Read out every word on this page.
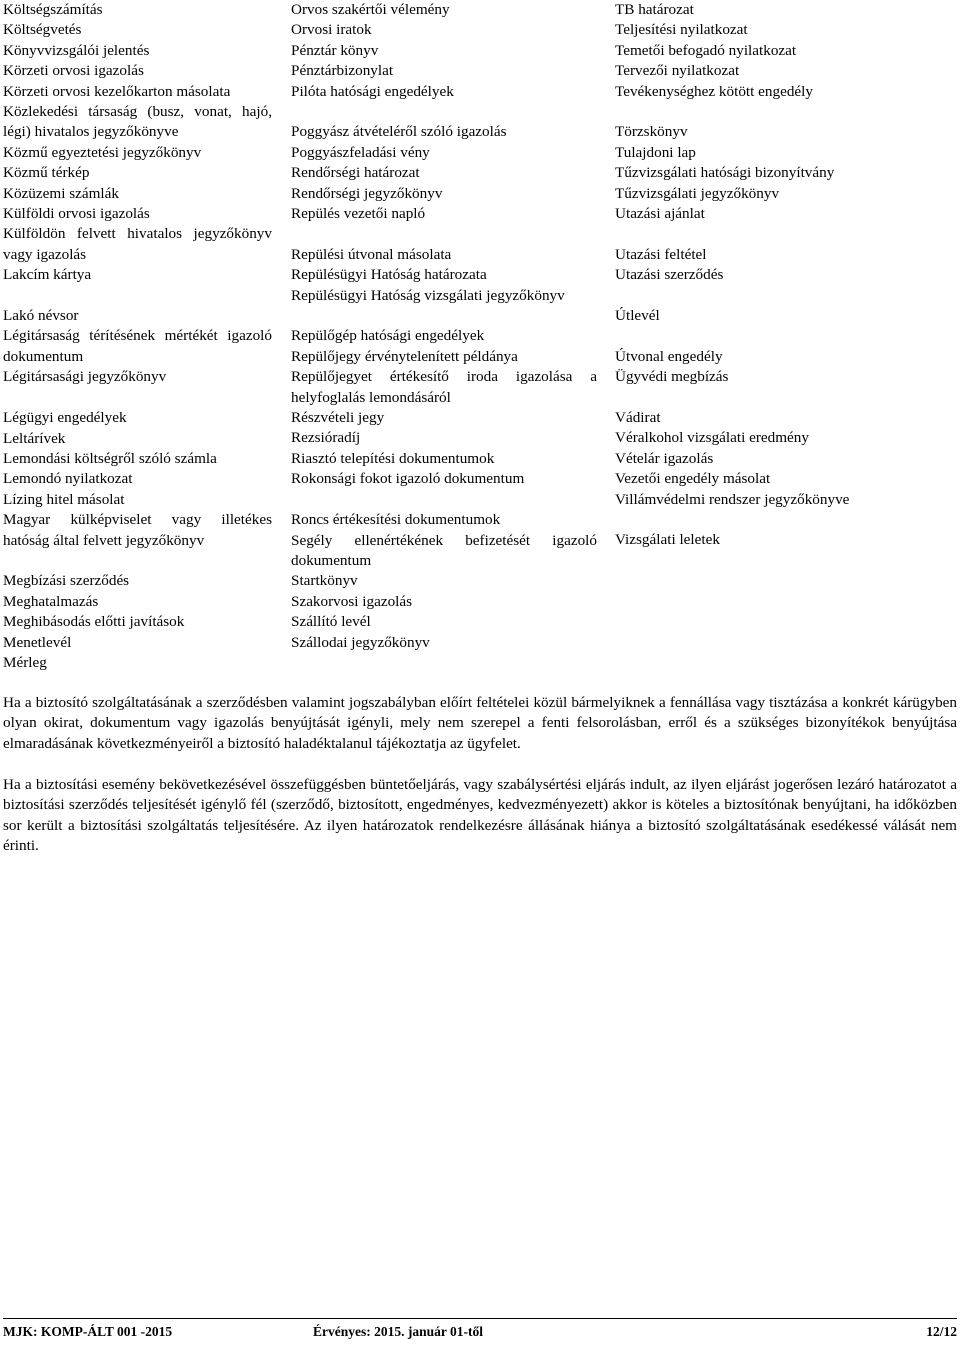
Költségszámítás
Költségvetés
Könyvvizsgálói jelentés
Körzeti orvosi igazolás
Körzeti orvosi kezelőkarton másolata
Közlekedési társaság (busz, vonat, hajó, légi) hivatalos jegyzőkönyve
Közmű egyeztetési jegyzőkönyv
Közmű térkép
Közüzemi számlák
Külföldi orvosi igazolás
Külföldön felvett hivatalos jegyzőkönyv vagy igazolás
Lakcím kártya
Lakó névsor
Légitársaság térítésének mértékét igazoló dokumentum
Légitársasági jegyzőkönyv
Légügyi engedélyek
Leltárívek
Lemondási költségről szóló számla
Lemondó nyilatkozat
Lízing hitel másolat
Magyar külképviselet vagy illetékes hatóság által felvett jegyzőkönyv
Megbízási szerződés
Meghatalmazás
Meghibásodás előtti javítások
Menetlevél
Mérleg
Orvos szakértői vélemény
Orvosi iratok
Pénztár könyv
Pénztárbizonylat
Pilóta hatósági engedélyek
Poggyász átvételéről szóló igazolás
Poggyászfeladási vény
Rendőrségi határozat
Rendőrségi jegyzőkönyv
Repülés vezetői napló
Repülési útvonal másolata
Repülésügyi Hatóság határozata
Repülésügyi Hatóság vizsgálati jegyzőkönyv
Repülőgép hatósági engedélyek
Repülőjegy érvénytelenített példánya
Repülőjegyet értékesítő iroda igazolása a helyfoglalás lemondásáról
Részvételi jegy
Rezsióradíj
Riasztó telepítési dokumentumok
Rokonsági fokot igazoló dokumentum
Roncs értékesítési dokumentumok
Segély ellenértékének befizetését igazoló dokumentum
Startkönyv
Szakorvosi igazolás
Szállító levél
Szállodai jegyzőkönyv
TB határozat
Teljesítési nyilatkozat
Temetői befogadó nyilatkozat
Tervezői nyilatkozat
Tevékenységhez kötött engedély
Törzskönyv
Tulajdoni lap
Tűzvizsgálati hatósági bizonyítvány
Tűzvizsgálati jegyzőkönyv
Utazási ajánlat
Utazási feltétel
Utazási szerződés
Útlevél
Útvonal engedély
Ügyvédi megbízás
Vádirat
Véralkohol vizsgálati eredmény
Vételár igazolás
Vezetői engedély másolat
Villámvédelmi rendszer jegyzőkönyve
Vizsgálati leletek

Ha a biztosító szolgáltatásának a szerződésben valamint jogszabályban előírt feltételei közül bármelyiknek a fennállása vagy tisztázása a konkrét kárügyben olyan okirat, dokumentum vagy igazolás benyújtását igényli, mely nem szerepel a fenti felsorolásban, erről és a szükséges bizonyítékok benyújtása elmaradásának következményeiről a biztosító haladéktalanul tájékoztatja az ügyfelet.

Ha a biztosítási esemény bekövetkezésével összefüggésben büntetőeljárás, vagy szabálysértési eljárás indult, az ilyen eljárást jogerősen lezáró határozatot a biztosítási szerződés teljesítését igénylő fél (szerződő, biztosított, engedményes, kedvezményezett) akkor is köteles a biztosítónak benyújtani, ha időközben sor került a biztosítási szolgáltatás teljesítésére. Az ilyen határozatok rendelkezésre állásának hiánya a biztosító szolgáltatásának esedékessé válását nem érinti.

MJK: KOMP-ÁLT 001 -2015	Érvényes: 2015. január 01-től	12/12
